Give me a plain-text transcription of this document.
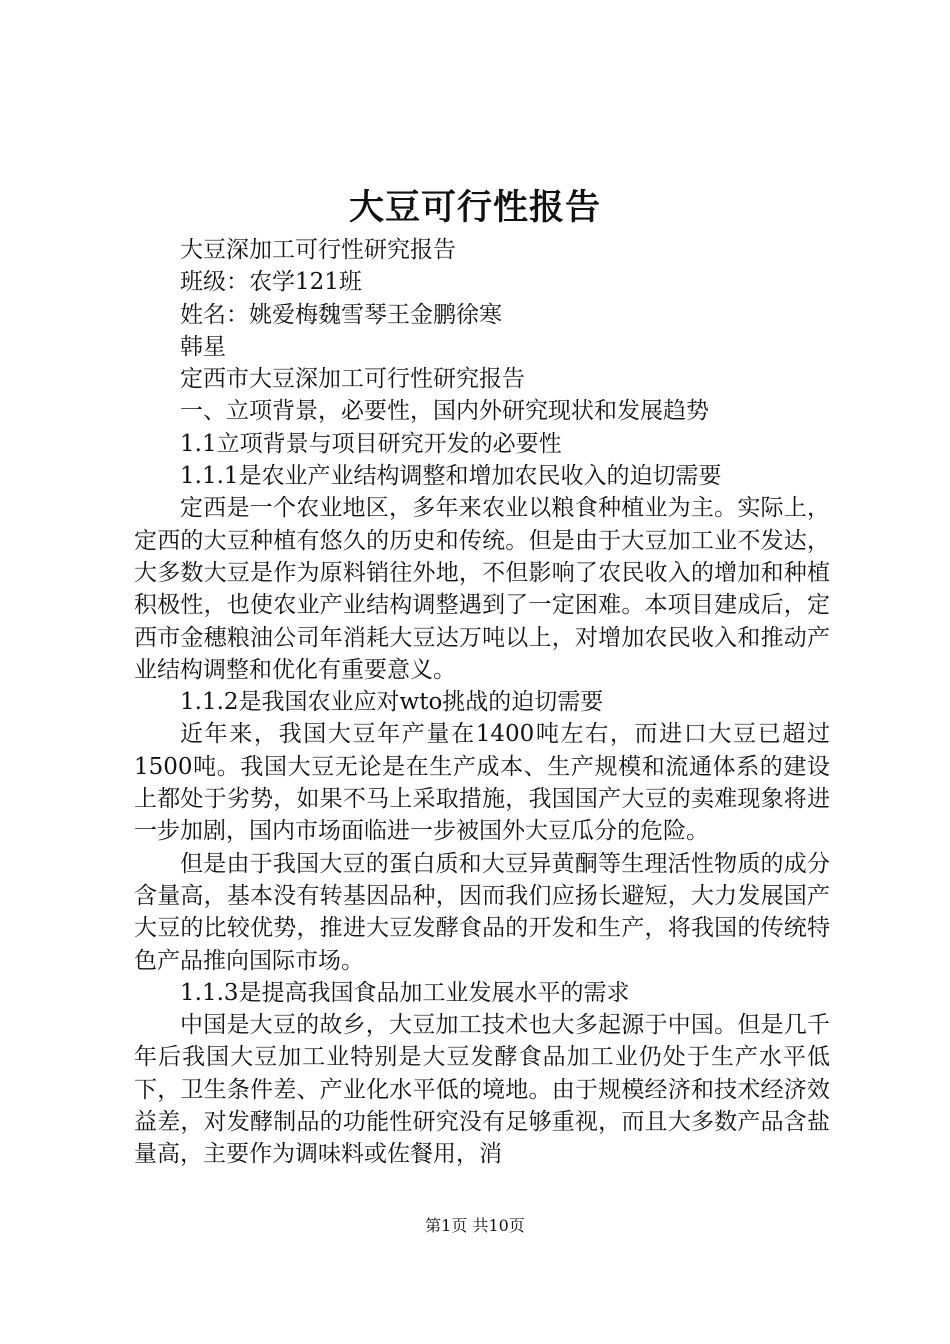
大豆可行性报告
大豆深加工可行性研究报告
班级：农学121班
姓名：姚爱梅魏雪琴王金鹏徐寒
韩星
定西市大豆深加工可行性研究报告
一、立项背景，必要性，国内外研究现状和发展趋势
1.1立项背景与项目研究开发的必要性
1.1.1是农业产业结构调整和增加农民收入的迫切需要

定西是一个农业地区，多年来农业以粮食种植业为主。实际上，定西的大豆种植有悠久的历史和传统。但是由于大豆加工业不发达，大多数大豆是作为原料销往外地，不但影响了农民收入的增加和种植积极性，也使农业产业结构调整遇到了一定困难。本项目建成后，定西市金穗粮油公司年消耗大豆达万吨以上，对增加农民收入和推动产业结构调整和优化有重要意义。

1.1.2是我国农业应对wto挑战的迫切需要

近年来，我国大豆年产量在1400吨左右，而进口大豆已超过1500吨。我国大豆无论是在生产成本、生产规模和流通体系的建设上都处于劣势，如果不马上采取措施，我国国产大豆的卖难现象将进一步加剧，国内市场面临进一步被国外大豆瓜分的危险。

但是由于我国大豆的蛋白质和大豆异黄酮等生理活性物质的成分含量高，基本没有转基因品种，因而我们应扬长避短，大力发展国产大豆的比较优势，推进大豆发酵食品的开发和生产，将我国的传统特色产品推向国际市场。

1.1.3是提高我国食品加工业发展水平的需求

中国是大豆的故乡，大豆加工技术也大多起源于中国。但是几千年后我国大豆加工业特别是大豆发酵食品加工业仍处于生产水平低下，卫生条件差、产业化水平低的境地。由于规模经济和技术经济效益差，对发酵制品的功能性研究没有足够重视，而且大多数产品含盐量高，主要作为调味料或佐餐用，消

第1页 共10页
